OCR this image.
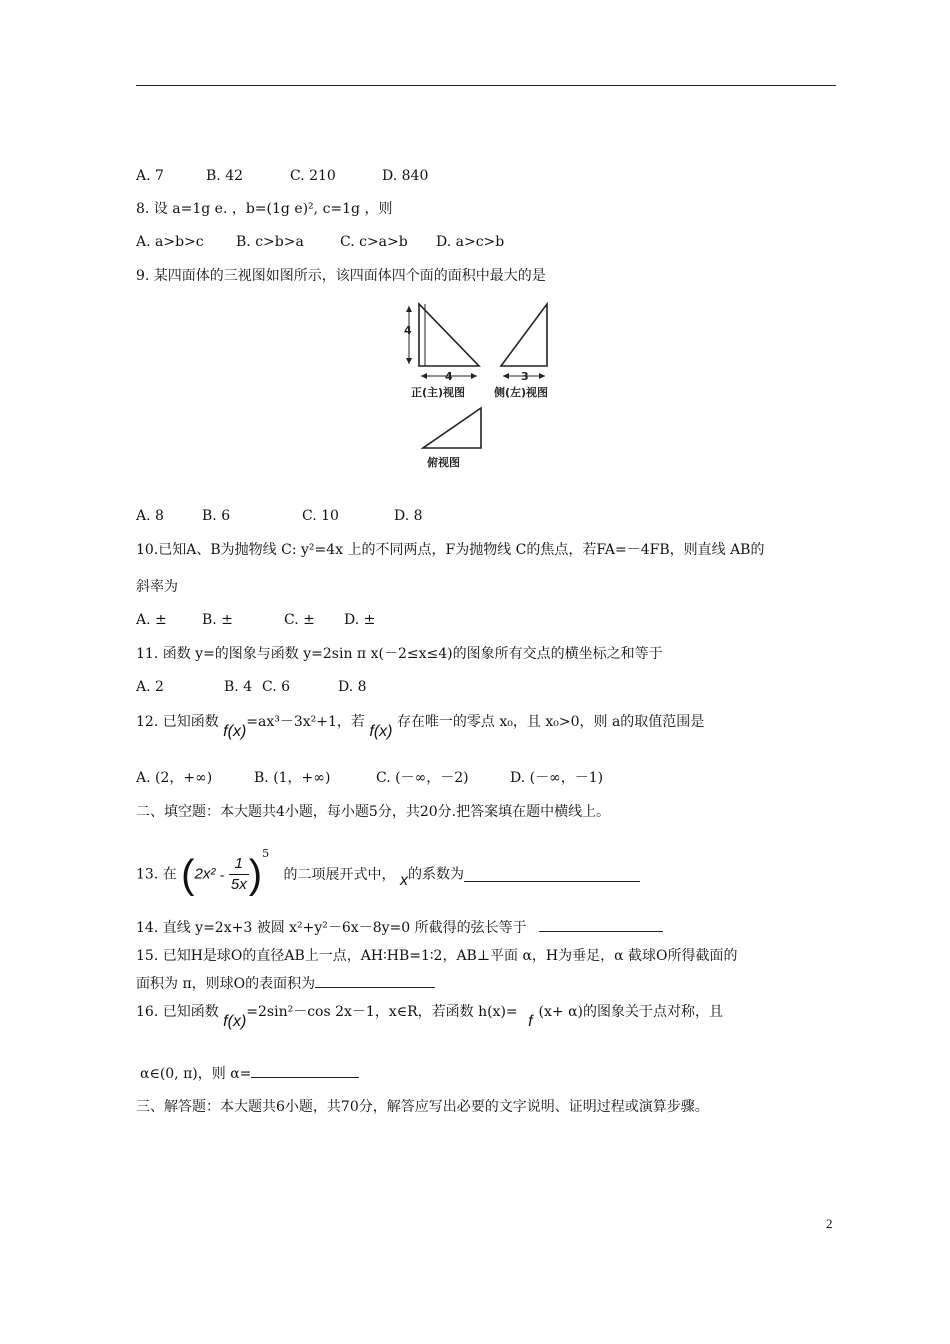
A. 7	B. 42	C. 210	D. 840
8. 设 a=1g e. ，b=(1g e)², c=1g ，则
A. a>b>c B. c>b>a	C. c>a>b D. a>c>b
9. 某四面体的三视图如图所示，该四面体四个面的面积中最大的是
4
4
正(主)视图
3
侧(左)视图
俯视图
A. 8	B. 6	C. 10	D. 8
10.已知A、B为抛物线 C: y²=4x 上的不同两点，F为抛物线 C的焦点，若FA=－4FB，则直线 AB的
斜率为
A. ±	B. ±	C. ± D. ±
11. 函数 y=的图象与函数 y=2sin π x(－2≤x≤4)的图象所有交点的横坐标之和等于
A. 2	B. 4 C. 6	D. 8
12. 已知函数 f(x)=ax³－3x²+1，若 f(x) 存在唯一的零点 x₀，且 x₀>0，则 a的取值范围是
A. (2，+∞)	B. (1，+∞)	C. (－∞，－2)	D. (－∞，－1)
二、填空题：本大题共4小题，每小题5分，共20分.把答案填在题中横线上。
13. 在 $(2x^2 - \frac{1}{5x} )^5$ 的二项展开式中， x的系数为
14. 直线 y=2x+3 被圆 x²+y²－6x－8y=0 所截得的弦长等于
15. 已知H是球O的直径AB上一点，AH∶HB=1∶2，AB⊥平面 α，H为垂足，α 截球O所得截面的
面积为 π，则球O的表面积为
16. 已知函数 f(x)=2sin²－cos 2x－1，x∈R，若函数 h(x)= f(x+ α)的图象关于点对称，且
α∈(0, π)，则 α=
三、解答题：本大题共6小题，共70分，解答应写出必要的文字说明、证明过程或演算步骤。
2
